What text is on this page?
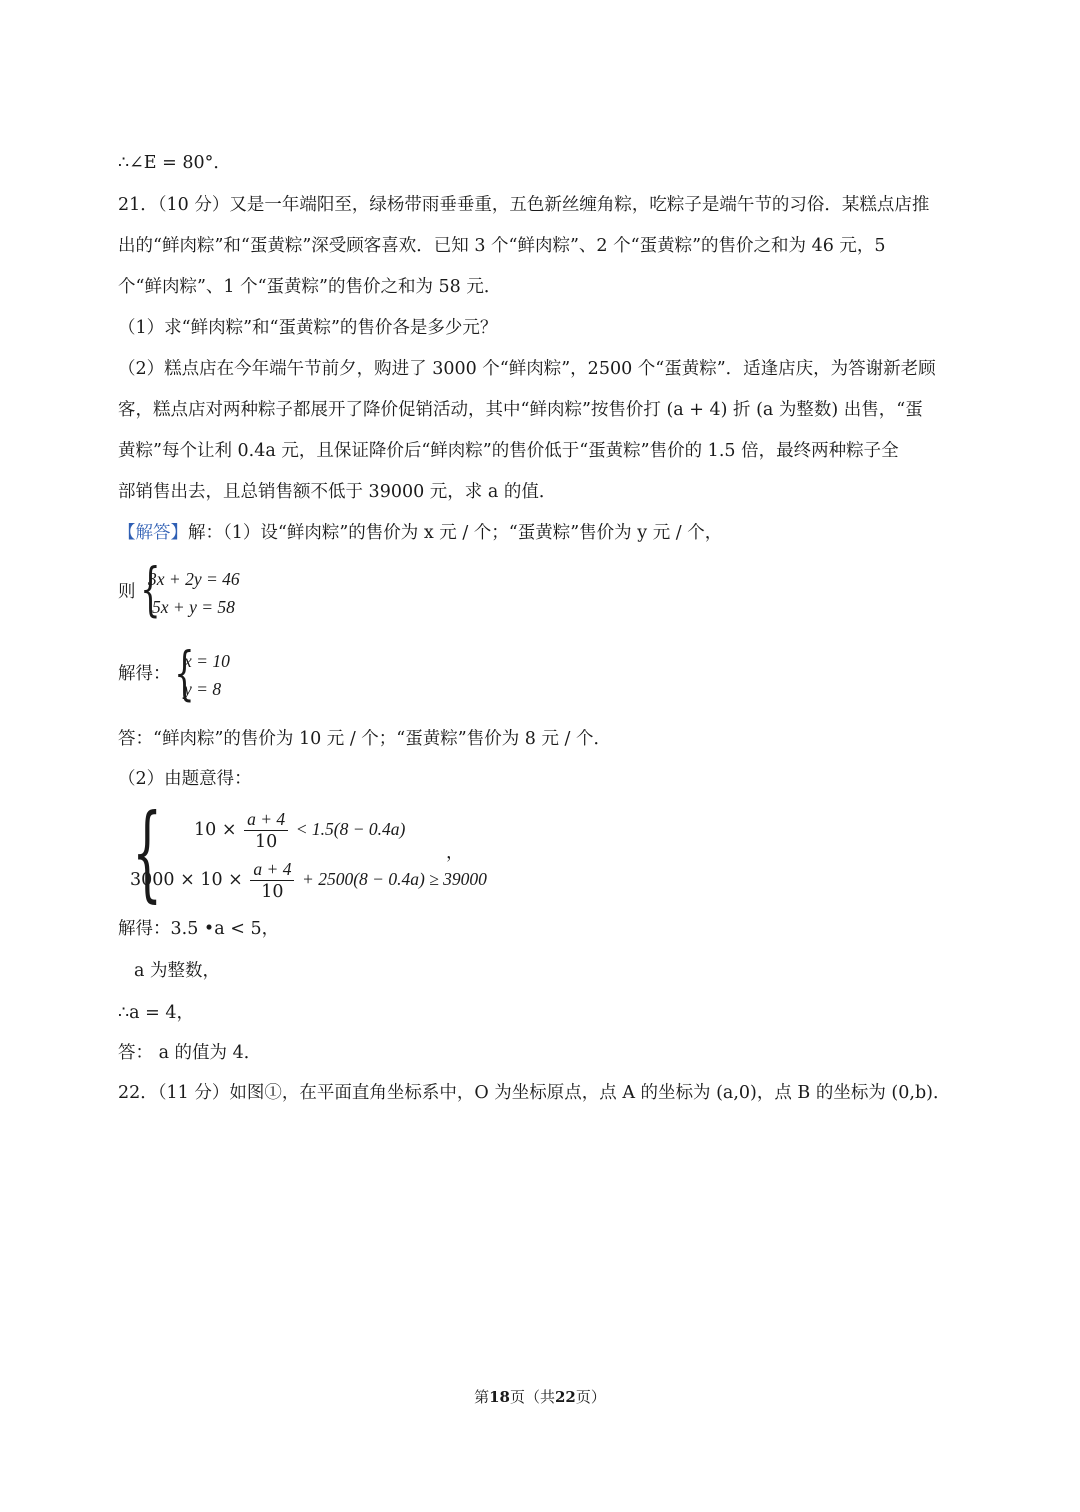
∴∠E = 80°．
21．（10 分）又是一年端阳至，绿杨带雨垂垂重，五色新丝缠角粽，吃粽子是端午节的习俗．某糕点店推
出的“鲜肉粽”和“蛋黄粽”深受顾客喜欢．已知 3 个“鲜肉粽”、2 个“蛋黄粽”的售价之和为 46 元，5
个“鲜肉粽”、1 个“蛋黄粽”的售价之和为 58 元．
（1）求“鲜肉粽”和“蛋黄粽”的售价各是多少元？
（2）糕点店在今年端午节前夕，购进了 3000 个“鲜肉粽”，2500 个“蛋黄粽”．适逢店庆，为答谢新老顾
客，糕点店对两种粽子都展开了降价促销活动，其中“鲜肉粽”按售价打 (a + 4) 折 (a 为整数) 出售，“蛋
黄粽”每个让利 0.4a 元，且保证降价后“鲜肉粽”的售价低于“蛋黄粽”售价的 1.5 倍，最终两种粽子全
部销售出去，且总销售额不低于 39000 元，求 a 的值．
【解答】解：（1）设“鲜肉粽”的售价为 x 元 / 个；“蛋黄粽”售价为 y 元 / 个，
则 {
3x + 2y = 46
5x + y = 58
解得： {
x = 10
y = 8
答：“鲜肉粽”的售价为 10 元 / 个；“蛋黄粽”售价为 8 元 / 个．
（2）由题意得：
{ $10 \times \frac{a + 4}{10} < 1.5(8 - 0.4a)$
$3000 \times 10 \times \frac{a + 4}{10} + 2500(8 - 0.4a) \ge 39000$
，
解得：3.5 •a < 5，
a 为整数，
∴a = 4，
答： a 的值为 4．
22．（11 分）如图①，在平面直角坐标系中，O 为坐标原点，点 A 的坐标为 (a,0)，点 B 的坐标为 (0,b)．
第18页（共22页）
